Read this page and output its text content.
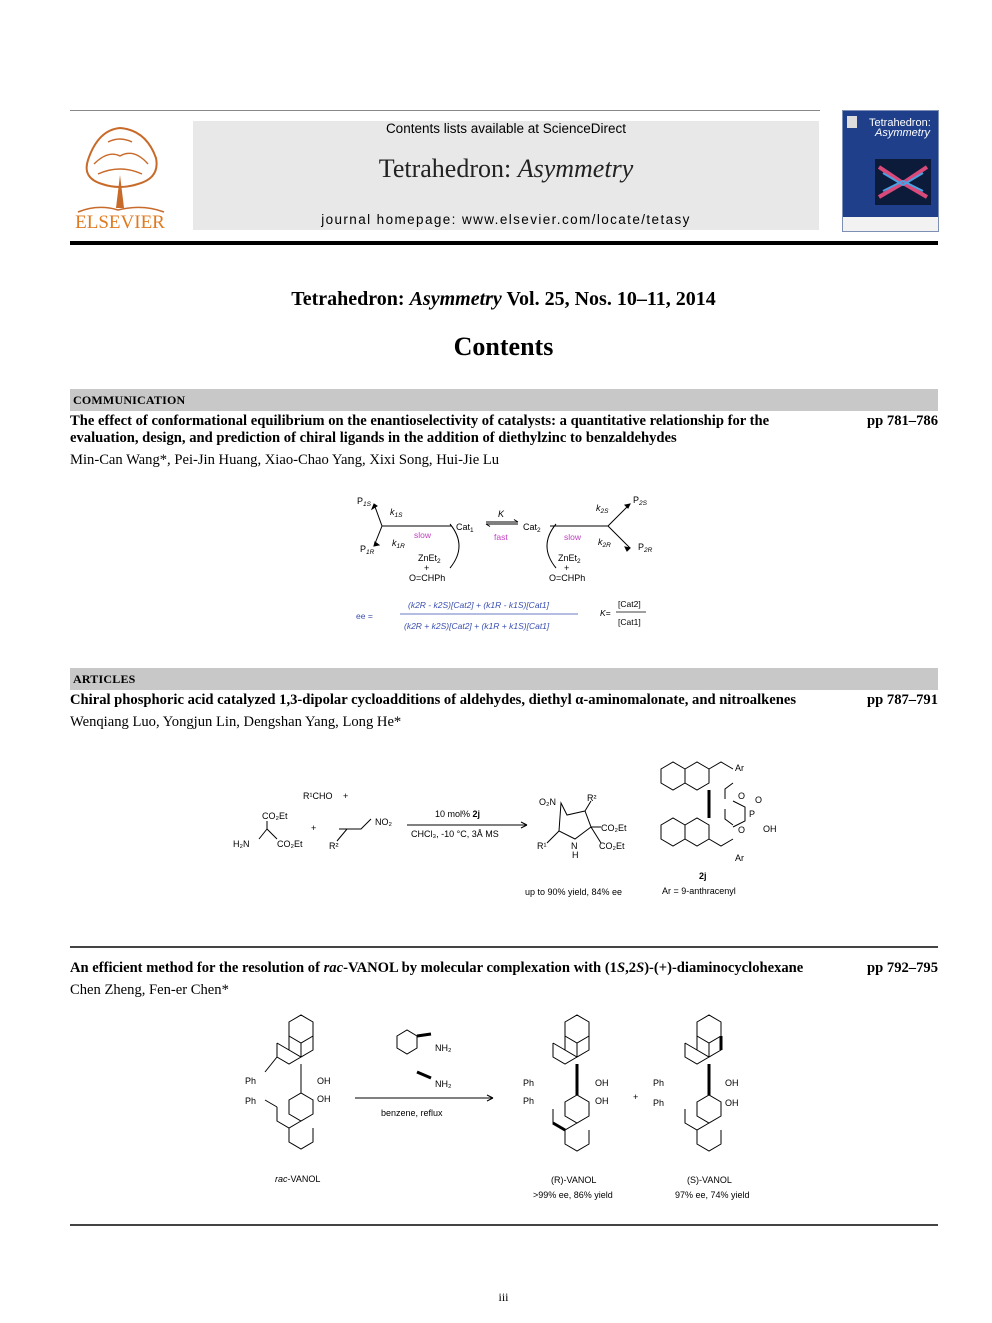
ELSEVIER
Contents lists available at ScienceDirect
Tetrahedron: Asymmetry
journal homepage: www.elsevier.com/locate/tetasy
Tetrahedron:
Asymmetry
Tetrahedron: Asymmetry Vol. 25, Nos. 10–11, 2014
Contents
COMMUNICATION
The effect of conformational equilibrium on the enantioselectivity of catalysts: a quantitative relationship for the evaluation, design, and prediction of chiral ligands in the addition of diethylzinc to benzaldehydes
pp 781–786
Min-Can Wang*, Pei-Jin Huang, Xiao-Chao Yang, Xixi Song, Hui-Jie Lu
$P_{1S}$
$P_{1R}$
$k_{1S}$
$k_{1R}$
slow
Cat$_1$
K
fast
Cat$_2$
slow
$k_{2S}$
$k_{2R}$
$P_{2S}$
$P_{2R}$
ZnEt$_2$
+
O=CHPh
ZnEt$_2$
+
O=CHPh
ee =
(k2R - k2S)[Cat2] + (k1R - k1S)[Cat1]
(k2R + k2S)[Cat2] + (k1R + k1S)[Cat1]
K=
[Cat2]
[Cat1]
ARTICLES
Chiral phosphoric acid catalyzed 1,3-dipolar cycloadditions of aldehydes, diethyl α-aminomalonate, and nitroalkenes	pp 787–791
Wenqiang Luo, Yongjun Lin, Dengshan Yang, Long He*
R¹CHO +
CO₂Et
H₂N	CO₂Et
+
NO₂
R²
10 mol% 2j
CHCl₃, -10 °C, 3Å MS
O₂N	R²
CO₂Et
CO₂Et
R¹	N
H
up to 90% yield, 84% ee
Ar
Ar
O O
P
O OH
2j
Ar = 9-anthracenyl
An efficient method for the resolution of rac-VANOL by molecular complexation with (1S,2S)-(+)-diaminocyclohexane	pp 792–795
Chen Zheng, Fen-er Chen*
Ph
Ph
OH
OH
rac-VANOL
NH₂
NH₂
benzene, reflux
Ph
Ph
OH
OH	+
Ph
Ph
OH
OH
(R)-VANOL
>99% ee, 86% yield
(S)-VANOL
97% ee, 74% yield
iii
